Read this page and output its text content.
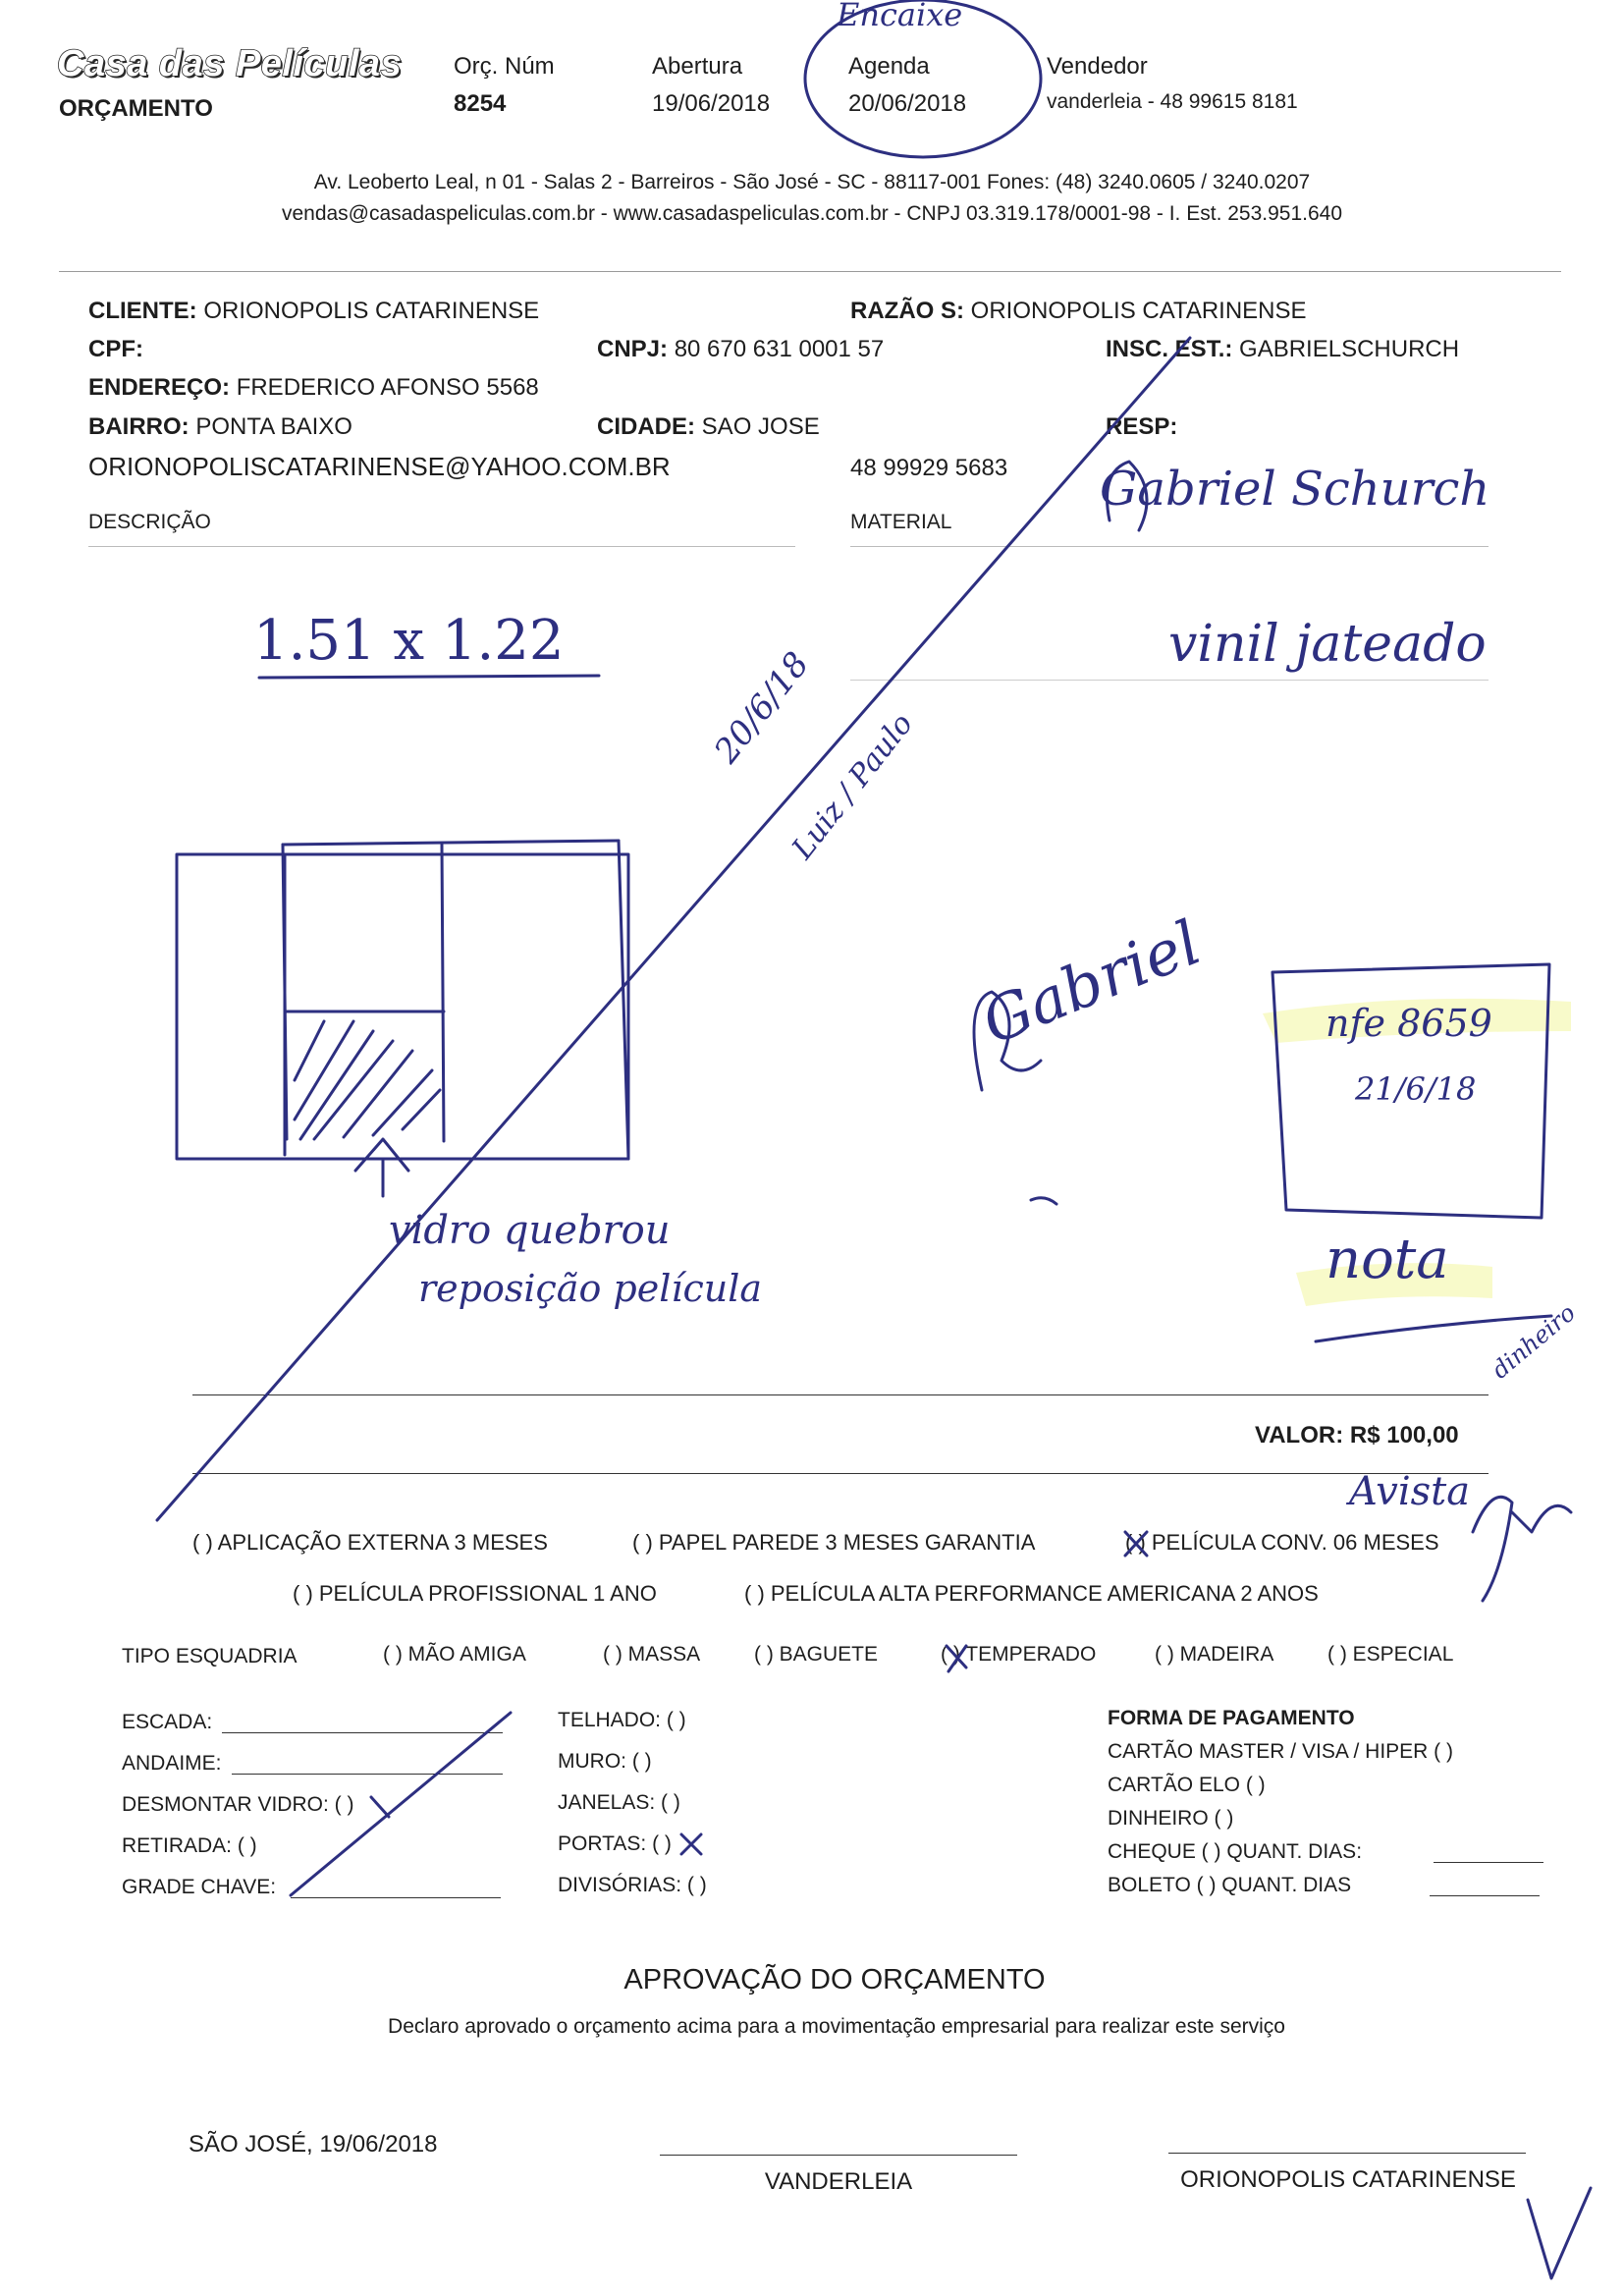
Casa das Películas
ORÇAMENTO
Orç. Núm
8254
Abertura
19/06/2018
Agenda
20/06/2018
Vendedor
vanderleia - 48 99615 8181
Av. Leoberto Leal, n 01 - Salas 2 - Barreiros - São José - SC - 88117-001 Fones: (48) 3240.0605 / 3240.0207
vendas@casadaspeliculas.com.br - www.casadaspeliculas.com.br - CNPJ 03.319.178/0001-98 - I. Est. 253.951.640
CLIENTE: ORIONOPOLIS CATARINENSE	RAZÃO S: ORIONOPOLIS CATARINENSE
CPF:	CNPJ: 80 670 631 0001 57	INSC. EST.: GABRIELSCHURCH
ENDEREÇO: FREDERICO AFONSO 5568
BAIRRO: PONTA BAIXO	CIDADE: SAO JOSE	RESP:
ORIONOPOLISCATARINENSE@YAHOO.COM.BR	48 99929 5683
DESCRIÇÃO	MATERIAL
VALOR: R$ 100,00
( ) APLICAÇÃO EXTERNA 3 MESES	( ) PAPEL PAREDE 3 MESES GARANTIA	( ) PELÍCULA CONV. 06 MESES
( ) PELÍCULA PROFISSIONAL 1 ANO	( ) PELÍCULA ALTA PERFORMANCE AMERICANA 2 ANOS
TIPO ESQUADRIA	( ) MÃO AMIGA	( ) MASSA	( ) BAGUETE	( ) TEMPERADO	( ) MADEIRA	( ) ESPECIAL
ESCADA:
ANDAIME:
DESMONTAR VIDRO: ( )
RETIRADA: ( )
GRADE CHAVE:
TELHADO: ( )
MURO: ( )
JANELAS: ( )
PORTAS: ( )
DIVISÓRIAS: ( )
FORMA DE PAGAMENTO
CARTÃO MASTER / VISA / HIPER ( )
CARTÃO ELO ( )
DINHEIRO ( )
CHEQUE ( ) QUANT. DIAS:
BOLETO ( ) QUANT. DIAS
APROVAÇÃO DO ORÇAMENTO
Declaro aprovado o orçamento acima para a movimentação empresarial para realizar este serviço
SÃO JOSÉ, 19/06/2018
VANDERLEIA	ORIONOPOLIS CATARINENSE
Encaixe
Gabriel Schurch
1.51 x 1.22	vinil jateado
20/6/18
Luiz / Paulo
Gabriel	nfe 8659
21/6/18
vidro quebrou
reposição película	nota
dinheiro
Avista
